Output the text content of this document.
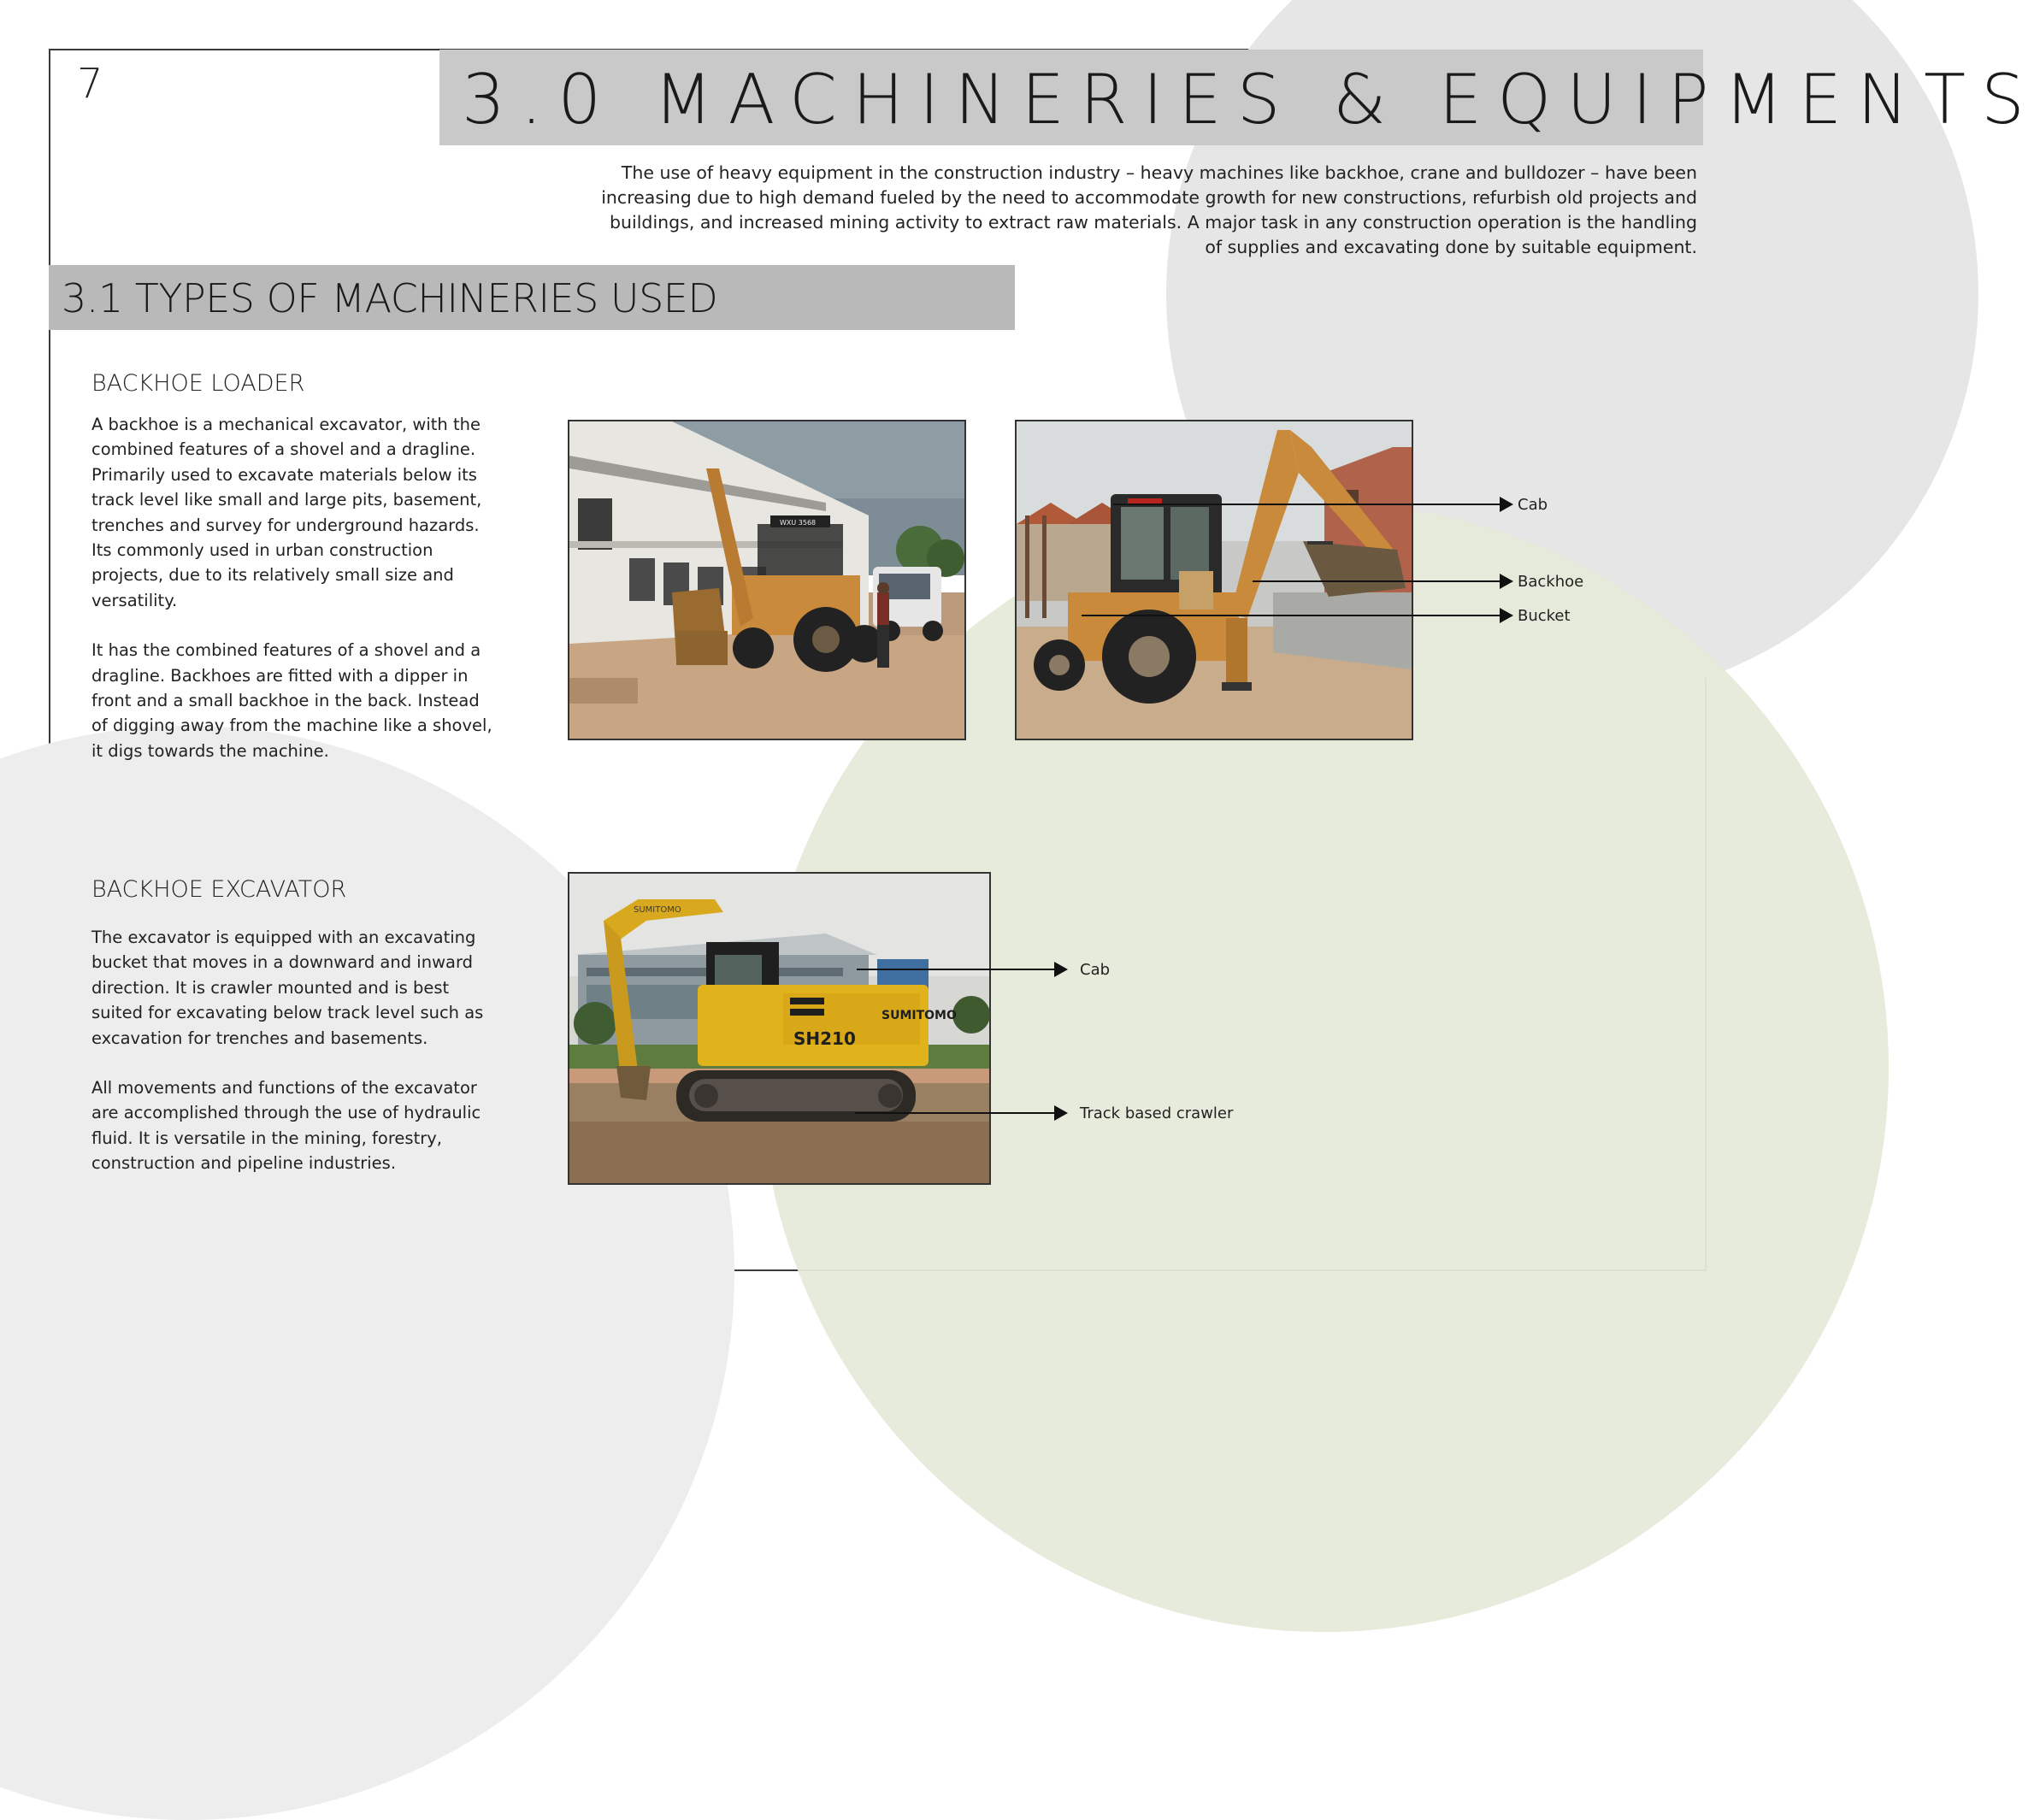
7	3.0 MACHINERIES & EQUIPMENTS
The use of heavy equipment in the construction industry – heavy machines like backhoe, crane and bulldozer – have been increasing due to high demand fueled by the need to accommodate growth for new constructions, refurbish old projects and buildings, and increased mining activity to extract raw materials. A major task in any construction operation is the handling of supplies and excavating done by suitable equipment.
3.1 TYPES OF MACHINERIES USED
BACKHOE LOADER

A backhoe is a mechanical excavator, with the combined features of a shovel and a dragline. Primarily used to excavate materials below its track level like small and large pits, basement, trenches and survey for underground hazards. Its commonly used in urban construction projects, due to its relatively small size and versatility.

It has the combined features of a shovel and a dragline. Backhoes are fitted with a dipper in front and a small backhoe in the back. Instead of digging away from the machine like a shovel, it digs towards the machine.

WXU 3568
Cab
Backhoe
Bucket
BACKHOE EXCAVATOR

The excavator is equipped with an excavating bucket that moves in a downward and inward direction. It is crawler mounted and is best suited for excavating below track level such as excavation for trenches and basements.

All movements and functions of the excavator are accomplished through the use of hydraulic fluid. It is versatile in the mining, forestry, construction and pipeline industries.

SUMITOMO
SUMITOMO
SH210
Cab
Track based crawler
